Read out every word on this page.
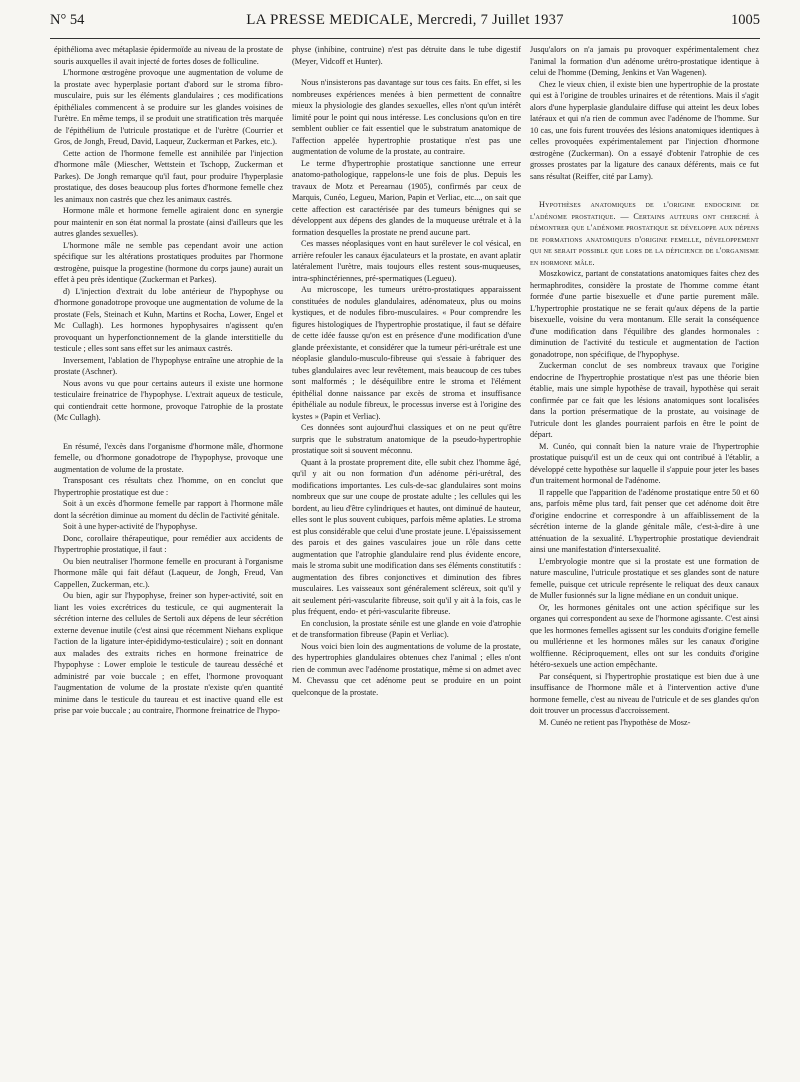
N° 54	LA PRESSE MEDICALE, Mercredi, 7 Juillet 1937	1005

épithélioma avec métaplasie épidermoïde au niveau de la prostate de souris auxquelles il avait injecté de fortes doses de folliculine.

L'hormone œstrogène provoque une augmentation de volume de la prostate avec hyperplasie portant d'abord sur le stroma fibro-musculaire, puis sur les éléments glandulaires ; ces modifications épithéliales commencent à se produire sur les glandes voisines de l'urètre. En même temps, il se produit une stratification très marquée de l'épithélium de l'utricule prostatique et de l'urètre (Courrier et Gros, de Jongh, Freud, David, Laqueur, Zuckerman et Parkes, etc.).

Cette action de l'hormone femelle est annihilée par l'injection d'hormone mâle (Miescher, Wettstein et Tschopp, Zuckerman et Parkes). De Jongh remarque qu'il faut, pour produire l'hyperplasie prostatique, des doses beaucoup plus fortes d'hormone femelle chez les animaux non castrés que chez les animaux castrés.

Hormone mâle et hormone femelle agiraient donc en synergie pour maintenir en son état normal la prostate (ainsi d'ailleurs que les autres glandes sexuelles).

L'hormone mâle ne semble pas cependant avoir une action spécifique sur les altérations prostatiques produites par l'hormone œstrogène, puisque la progestine (hormone du corps jaune) aurait un effet à peu près identique (Zuckerman et Parkes).

d) L'injection d'extrait du lobe antérieur de l'hypophyse ou d'hormone gonadotrope provoque une augmentation de volume de la prostate (Fels, Steinach et Kuhn, Martins et Rocha, Lower, Engel et Mc Cullagh). Les hormones hypophysaires n'agissent qu'en provoquant un hyperfonctionnement de la glande interstitielle du testicule ; elles sont sans effet sur les animaux castrés.

Inversement, l'ablation de l'hypophyse entraîne une atrophie de la prostate (Aschner).

Nous avons vu que pour certains auteurs il existe une hormone testiculaire freinatrice de l'hypophyse. L'extrait aqueux de testicule, qui contiendrait cette hormone, provoque l'atrophie de la prostate (Mc Cullagh).

En résumé, l'excès dans l'organisme d'hormone mâle, d'hormone femelle, ou d'hormone gonadotrope de l'hypophyse, provoque une augmentation de volume de la prostate.

Transposant ces résultats chez l'homme, on en conclut que l'hypertrophie prostatique est due :

Soit à un excès d'hormone femelle par rapport à l'hormone mâle dont la sécrétion diminue au moment du déclin de l'activité génitale.

Soit à une hyper-activité de l'hypophyse.

Donc, corollaire thérapeutique, pour remédier aux accidents de l'hypertrophie prostatique, il faut :

Ou bien neutraliser l'hormone femelle en procurant à l'organisme l'hormone mâle qui fait défaut (Laqueur, de Jongh, Freud, Van Cappellen, Zuckerman, etc.).

Ou bien, agir sur l'hypophyse, freiner son hyper-activité, soit en liant les voies excrétrices du testicule, ce qui augmenterait la sécrétion interne des cellules de Sertoli aux dépens de leur sécrétion externe devenue inutile (c'est ainsi que récemment Niehans explique l'action de la ligature inter-épididymo-testiculaire) ; soit en donnant aux malades des extraits riches en hormone freinatrice de l'hypophyse : Lower emploie le testicule de taureau desséché et administré par voie buccale ; en effet, l'hormone provoquant l'augmentation de volume de la prostate n'existe qu'en quantité minime dans le testicule du taureau et est inactive quand elle est prise par voie buccale ; au contraire, l'hormone freinatrice de l'hypo-

physe (inhibine, contruine) n'est pas détruite dans le tube digestif (Meyer, Vidcoff et Hunter).

Nous n'insisterons pas davantage sur tous ces faits. En effet, si les nombreuses expériences menées à bien permettent de connaître mieux la physiologie des glandes sexuelles, elles n'ont qu'un intérêt limité pour le point qui nous intéresse. Les conclusions qu'on en tire semblent oublier ce fait essentiel que le substratum anatomique de l'affection appelée hypertrophie prostatique n'est pas une augmentation de volume de la prostate, au contraire.

Le terme d'hypertrophie prostatique sanctionne une erreur anatomo-pathologique, rappelons-le une fois de plus. Depuis les travaux de Motz et Perearnau (1905), confirmés par ceux de Marquis, Cunéo, Legueu, Marion, Papin et Verliac, etc..., on sait que cette affection est caractérisée par des tumeurs bénignes qui se développent aux dépens des glandes de la muqueuse urétrale et à la formation desquelles la prostate ne prend aucune part.

Ces masses néoplasiques vont en haut surélever le col vésical, en arrière refouler les canaux éjaculateurs et la prostate, en avant aplatir latéralement l'urètre, mais toujours elles restent sous-muqueuses, intra-sphinctériennes, pré-spermatiques (Legueu).

Au microscope, les tumeurs urétro-prostatiques apparaissent constituées de nodules glandulaires, adénomateux, plus ou moins kystiques, et de nodules fibro-musculaires. « Pour comprendre les figures histologiques de l'hypertrophie prostatique, il faut se défaire de cette idée fausse qu'on est en présence d'une modification d'une glande préexistante, et considérer que la tumeur péri-urétrale est une néoplasie glandulo-musculo-fibreuse qui s'essaie à fabriquer des tubes glandulaires avec leur revêtement, mais beaucoup de ces tubes sont malformés ; le déséquilibre entre le stroma et l'élément épithélial donne naissance par excès de stroma et insuffisance épithéliale au nodule fibreux, le processus inverse est à l'origine des kystes » (Papin et Verliac).

Ces données sont aujourd'hui classiques et on ne peut qu'être surpris que le substratum anatomique de la pseudo-hypertrophie prostatique soit si souvent méconnu.

Quant à la prostate proprement dite, elle subit chez l'homme âgé, qu'il y ait ou non formation d'un adénome péri-urétral, des modifications importantes. Les culs-de-sac glandulaires sont moins nombreux que sur une coupe de prostate adulte ; les cellules qui les bordent, au lieu d'être cylindriques et hautes, ont diminué de hauteur, elles sont le plus souvent cubiques, parfois même aplaties. Le stroma est plus considérable que celui d'une prostate jeune. L'épaississement des parois et des gaines vasculaires joue un rôle dans cette augmentation que l'atrophie glandulaire rend plus évidente encore, mais le stroma subit une modification dans ses éléments constitutifs : augmentation des fibres conjonctives et diminution des fibres musculaires. Les vaisseaux sont généralement scléreux, soit qu'il y ait seulement péri-vascularite fibreuse, soit qu'il y ait à la fois, cas le plus fréquent, endo- et péri-vascularite fibreuse.

En conclusion, la prostate sénile est une glande en voie d'atrophie et de transformation fibreuse (Papin et Verliac).

Nous voici bien loin des augmentations de volume de la prostate, des hypertrophies glandulaires obtenues chez l'animal ; elles n'ont rien de commun avec l'adénome prostatique, même si on admet avec M. Chevassu que cet adénome peut se produire en un point quelconque de la prostate.

Jusqu'alors on n'a jamais pu provoquer expérimentalement chez l'animal la formation d'un adénome urétro-prostatique identique à celui de l'homme (Deming, Jenkins et Van Wagenen).

Chez le vieux chien, il existe bien une hypertrophie de la prostate qui est à l'origine de troubles urinaires et de rétentions. Mais il s'agit alors d'une hyperplasie glandulaire diffuse qui atteint les deux lobes latéraux et qui n'a rien de commun avec l'adénome de l'homme. Sur 10 cas, une fois furent trouvées des lésions anatomiques identiques à celles provoquées expérimentalement par l'injection d'hormone œstrogène (Zuckerman). On a essayé d'obtenir l'atrophie de ces grosses prostates par la ligature des canaux déférents, mais ce fut sans résultat (Reiffer, cité par Lamy).

Hypothèses anatomiques de l'origine endocrine de l'adénome prostatique. — Certains auteurs ont cherché à démontrer que l'adénome prostatique se développe aux dépens de formations anatomiques d'origine femelle, développement qui ne serait possible que lors de la déficience de l'organisme en hormone mâle.

Moszkowicz, partant de constatations anatomiques faites chez des hermaphrodites, considère la prostate de l'homme comme étant formée d'une partie bisexuelle et d'une partie purement mâle. L'hypertrophie prostatique ne se ferait qu'aux dépens de la partie bisexuelle, voisine du vera montanum. Elle serait la conséquence d'une modification dans l'équilibre des glandes hormonales : diminution de l'activité du testicule et augmentation de l'action gonadotrope, non spécifique, de l'hypophyse.

Zuckerman conclut de ses nombreux travaux que l'origine endocrine de l'hypertrophie prostatique n'est pas une théorie bien établie, mais une simple hypothèse de travail, hypothèse qui serait confirmée par ce fait que les lésions anatomiques sont localisées dans la portion présermatique de la prostate, au voisinage de l'utricule dont les glandes pourraient parfois en être le point de départ.

M. Cunéo, qui connaît bien la nature vraie de l'hypertrophie prostatique puisqu'il est un de ceux qui ont contribué à l'établir, a développé cette hypothèse sur laquelle il s'appuie pour jeter les bases d'un traitement hormonal de l'adénome.

Il rappelle que l'apparition de l'adénome prostatique entre 50 et 60 ans, parfois même plus tard, fait penser que cet adénome doit être d'origine endocrine et correspondre à un affaiblissement de la sécrétion interne de la glande génitale mâle, c'est-à-dire à une atténuation de la sexualité. L'hypertrophie prostatique deviendrait ainsi une manifestation d'intersexualité.

L'embryologie montre que si la prostate est une formation de nature masculine, l'utricule prostatique et ses glandes sont de nature femelle, puisque cet utricule représente le reliquat des deux canaux de Muller fusionnés sur la ligne médiane en un conduit unique.

Or, les hormones génitales ont une action spécifique sur les organes qui correspondent au sexe de l'hormone agissante. C'est ainsi que les hormones femelles agissent sur les conduits d'origine femelle ou mullérienne et les hormones mâles sur les canaux d'origine wolffienne. Réciproquement, elles ont sur les conduits d'origine hétéro-sexuels une action empêchante.

Par conséquent, si l'hypertrophie prostatique est bien due à une insuffisance de l'hormone mâle et à l'intervention active d'une hormone femelle, c'est au niveau de l'utricule et de ses glandes qu'on doit trouver un processus d'accroissement.

M. Cunéo ne retient pas l'hypothèse de Mosz-
